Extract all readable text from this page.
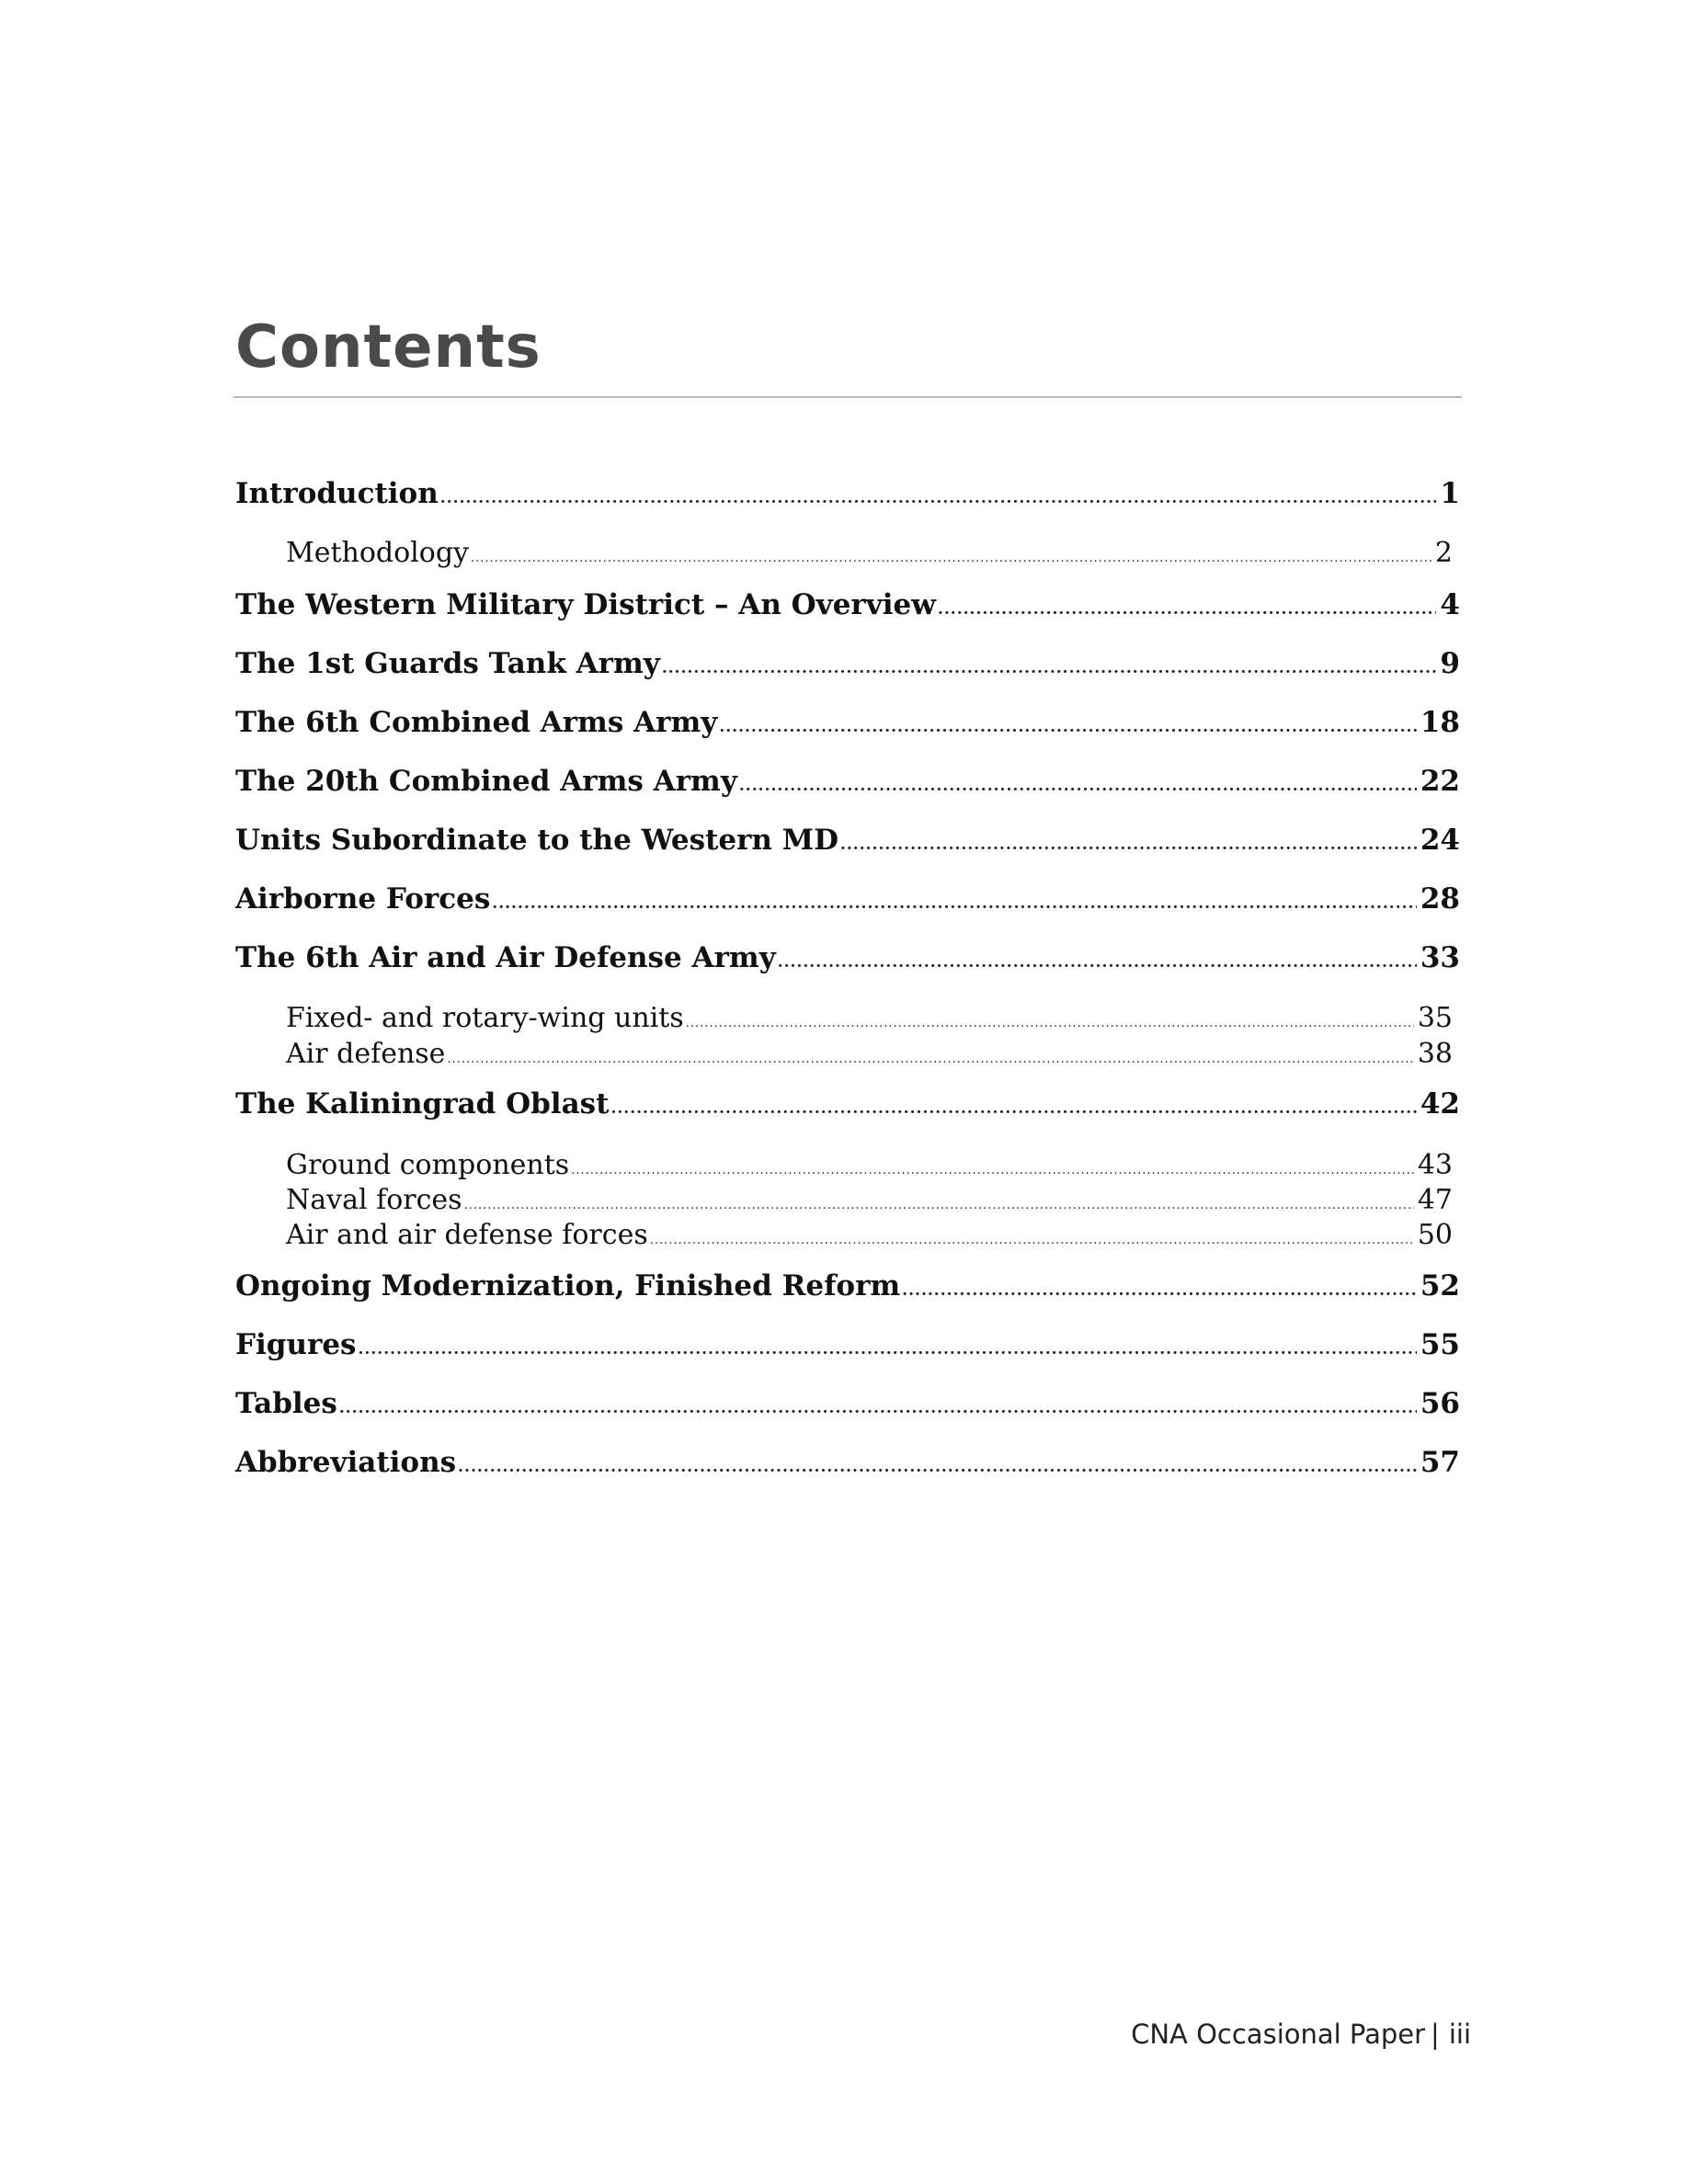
Contents
Introduction .....	1
Methodology .....	2
The Western Military District – An Overview .....	4
The 1st Guards Tank Army .....	9
The 6th Combined Arms Army .....	18
The 20th Combined Arms Army .....	22
Units Subordinate to the Western MD .....	24
Airborne Forces .....	28
The 6th Air and Air Defense Army .....	33
Fixed- and rotary-wing units .....	35
Air defense .....	38
The Kaliningrad Oblast .....	42
Ground components .....	43
Naval forces .....	47
Air and air defense forces .....	50
Ongoing Modernization, Finished Reform .....	52
Figures .....	55
Tables .....	56
Abbreviations .....	57
CNA Occasional Paper | iii
